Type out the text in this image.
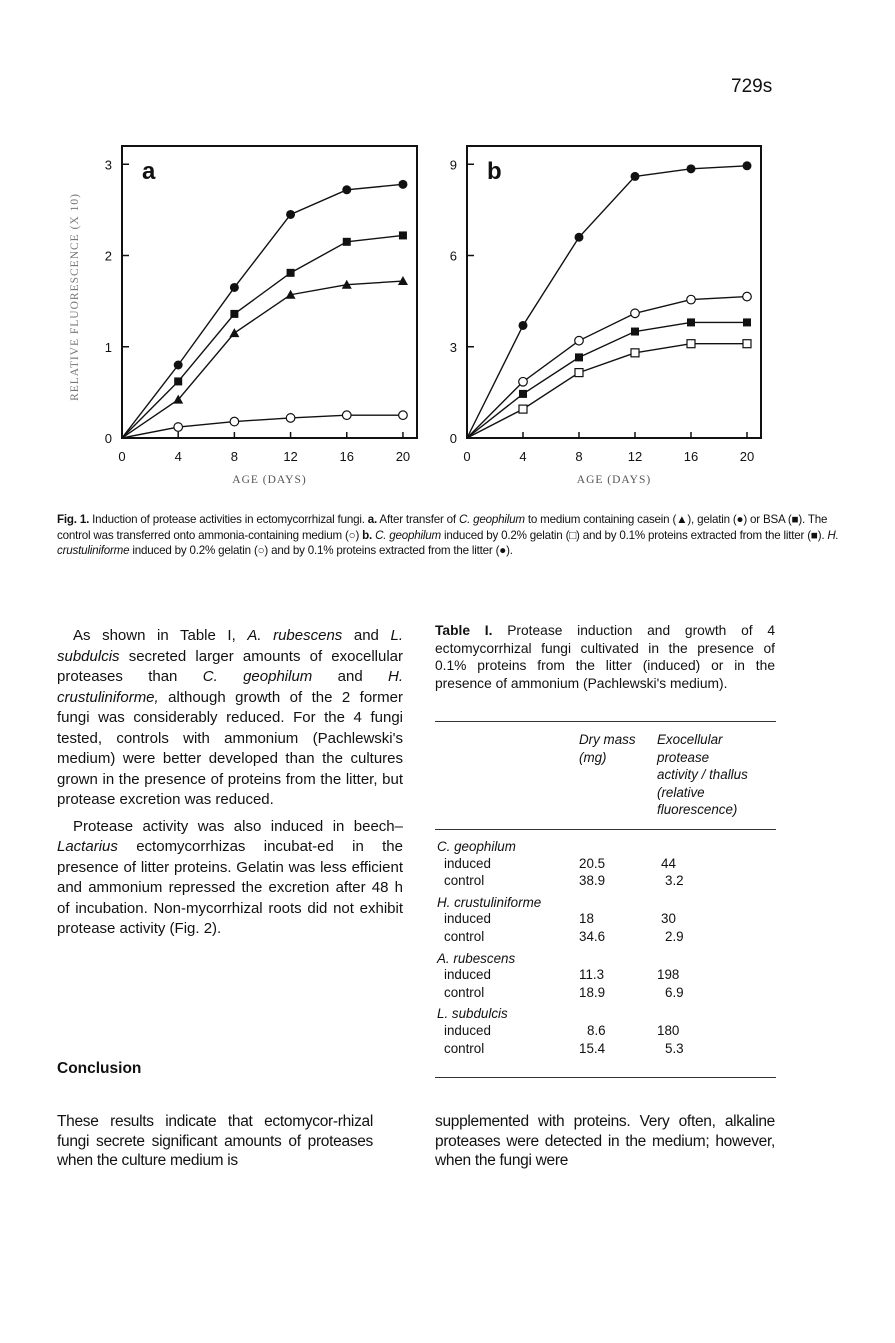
729s
0	4	8	12	16	20
0
1
2
3 a
AGE (DAYS)
RELATIVE FLUORESCENCE (X 10)
0	4	8	12	16	20
0
3
6
9 b
AGE (DAYS)
Fig. 1. Induction of protease activities in ectomycorrhizal fungi. a. After transfer of C. geophilum to medium containing casein (▲), gelatin (●) or BSA (■). The control was transferred onto ammonia-containing medium (○) b. C. geophilum induced by 0.2% gelatin (□) and by 0.1% proteins extracted from the litter (■). H. crustuliniforme induced by 0.2% gelatin (○) and by 0.1% proteins extracted from the litter (●).

As shown in Table I, A. rubescens and L. subdulcis secreted larger amounts of exocellular proteases than C. geophilum and H. crustuliniforme, although growth of the 2 former fungi was considerably reduced. For the 4 fungi tested, controls with ammonium (Pachlewski's medium) were better developed than the cultures grown in the presence of proteins from the litter, but protease excretion was reduced.

Protease activity was also induced in beech–Lactarius ectomycorrhizas incubat-ed in the presence of litter proteins. Gelatin was less efficient and ammonium repressed the excretion after 48 h of incubation. Non-mycorrhizal roots did not exhibit protease activity (Fig. 2).

Conclusion
Table I. Protease induction and growth of 4 ectomycorrhizal fungi cultivated in the presence of 0.1% proteins from the litter (induced) or in the presence of ammonium (Pachlewski's medium).
Dry mass
(mg)
Exocellular
protease
activity / thallus
(relative
fluorescence)
C. geophilum
induced	20.5	44
control	38.9	3.2
H. crustuliniforme
induced	18	30
control	34.6	2.9
A. rubescens
induced	11.3	198
control	18.9	6.9
L. subdulcis
induced	8.6	180
control	15.4	5.3
These results indicate that ectomycor-rhizal fungi secrete significant amounts of proteases when the culture medium is
supplemented with proteins. Very often, alkaline proteases were detected in the medium; however, when the fungi were
